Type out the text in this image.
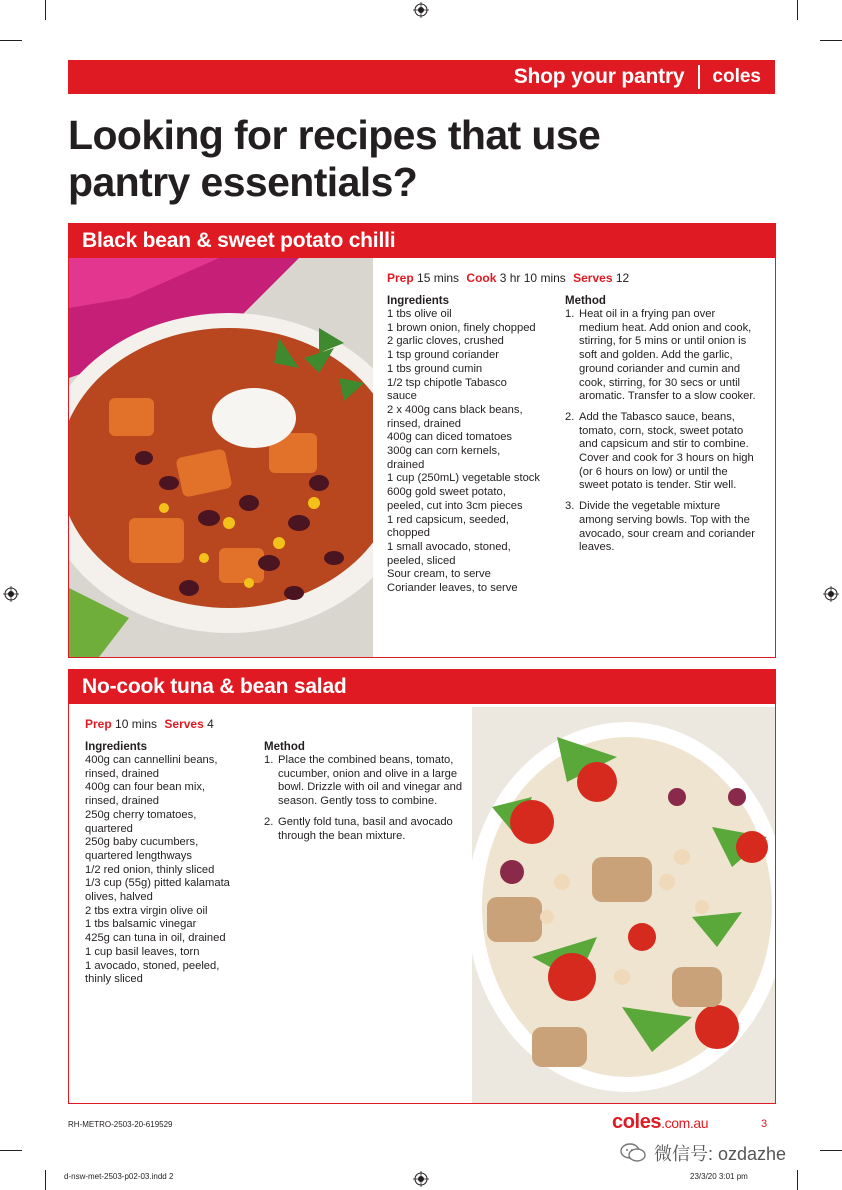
Shop your pantry coles
Looking for recipes that use
pantry essentials?
Black bean & sweet potato chilli
Prep 15 mins Cook 3 hr 10 mins Serves 12
Ingredients
1 tbs olive oil
1 brown onion, finely chopped
2 garlic cloves, crushed
1 tsp ground coriander
1 tbs ground cumin
1/2 tsp chipotle Tabasco
sauce
2 x 400g cans black beans,
rinsed, drained
400g can diced tomatoes
300g can corn kernels,
drained
1 cup (250mL) vegetable stock
600g gold sweet potato,
peeled, cut into 3cm pieces
1 red capsicum, seeded,
chopped
1 small avocado, stoned,
peeled, sliced
Sour cream, to serve
Coriander leaves, to serve
Method
1. Heat oil in a frying pan over medium heat. Add onion and cook, stirring, for 5 mins or until onion is soft and golden. Add the garlic, ground coriander and cumin and cook, stirring, for 30 secs or until aromatic. Transfer to a slow cooker.
2. Add the Tabasco sauce, beans, tomato, corn, stock, sweet potato and capsicum and stir to combine. Cover and cook for 3 hours on high (or 6 hours on low) or until the sweet potato is tender. Stir well.
3. Divide the vegetable mixture among serving bowls. Top with the avocado, sour cream and coriander leaves.
No-cook tuna & bean salad
Prep 10 mins Serves 4
Ingredients
400g can cannellini beans,
rinsed, drained
400g can four bean mix,
rinsed, drained
250g cherry tomatoes,
quartered
250g baby cucumbers,
quartered lengthways
1/2 red onion, thinly sliced
1/3 cup (55g) pitted kalamata
olives, halved
2 tbs extra virgin olive oil
1 tbs balsamic vinegar
425g can tuna in oil, drained
1 cup basil leaves, torn
1 avocado, stoned, peeled,
thinly sliced
Method
1. Place the combined beans, tomato, cucumber, onion and olive in a large bowl. Drizzle with oil and vinegar and season. Gently toss to combine.
2. Gently fold tuna, basil and avocado through the bean mixture.
RH-METRO-2503-20-619529	coles.com.au	3
微信号: ozdazhe
d-nsw-met-2503-p02-03.indd 2	23/3/20 3:01 pm
